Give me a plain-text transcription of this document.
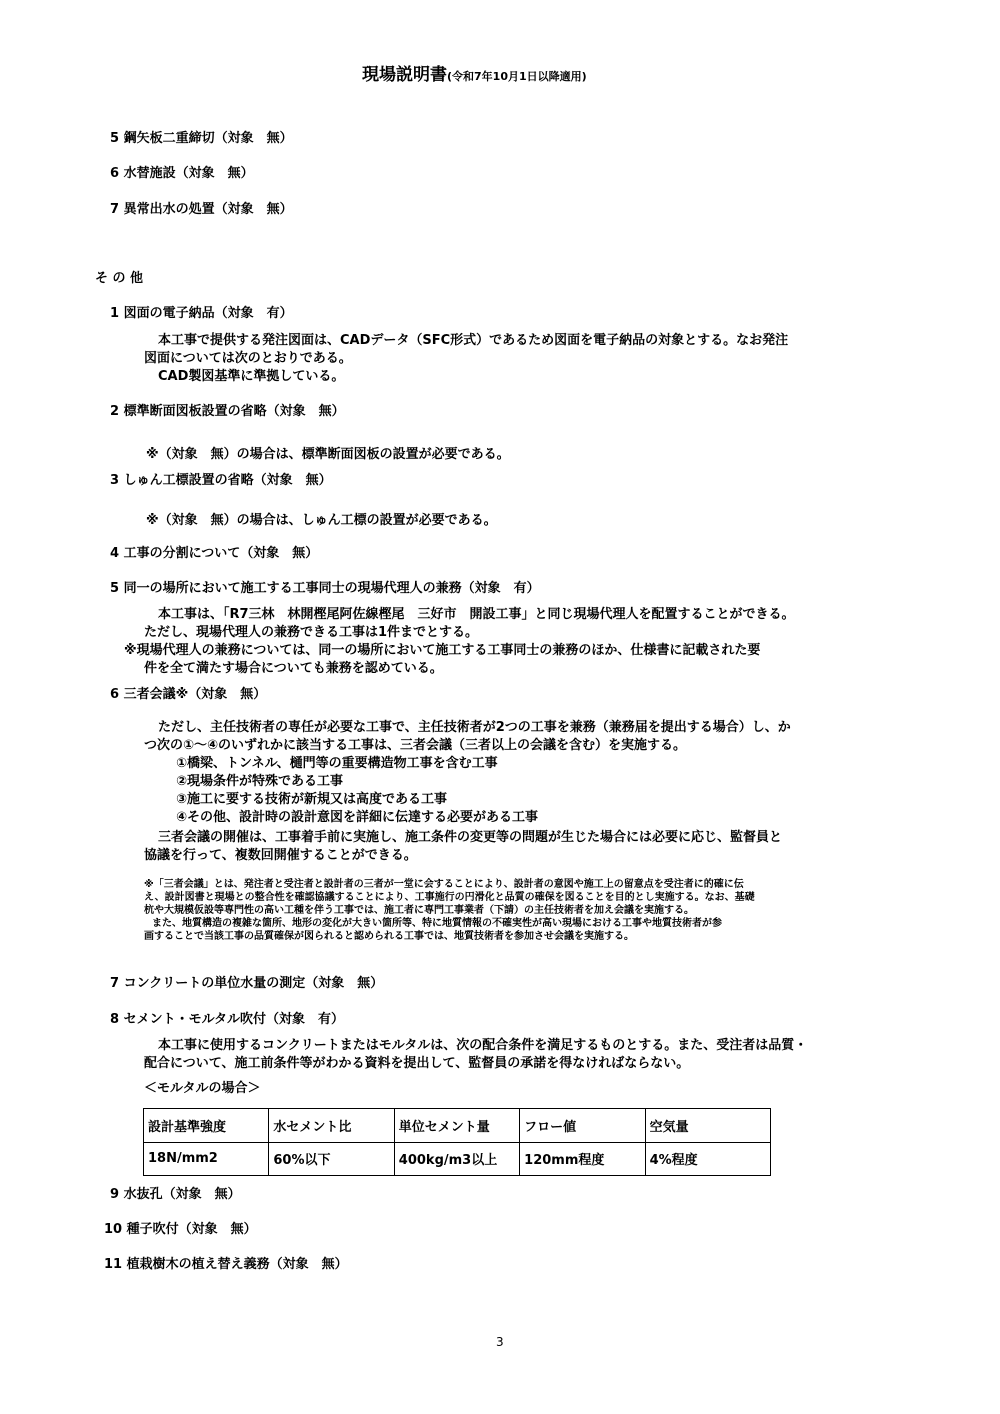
現場説明書(令和7年10月1日以降適用)
5 鋼矢板二重締切（対象　無）
6 水替施設（対象　無）
7 異常出水の処置（対象　無）
そ の 他
1 図面の電子納品（対象　有）
本工事で提供する発注図面は、CADデータ（SFC形式）であるため図面を電子納品の対象とする。なお発注
図面については次のとおりである。
CAD製図基準に準拠している。
2 標準断面図板設置の省略（対象　無）
※（対象　無）の場合は、標準断面図板の設置が必要である。
3 しゅん工標設置の省略（対象　無）
※（対象　無）の場合は、しゅん工標の設置が必要である。
4 工事の分割について（対象　無）
5 同一の場所において施工する工事同士の現場代理人の兼務（対象　有）
本工事は、「R7三林　林開樫尾阿佐線樫尾　三好市　開設工事」と同じ現場代理人を配置することができる。
ただし、現場代理人の兼務できる工事は1件までとする。
※現場代理人の兼務については、同一の場所において施工する工事同士の兼務のほか、仕様書に記載された要
件を全て満たす場合についても兼務を認めている。
6 三者会議※（対象　無）
ただし、主任技術者の専任が必要な工事で、主任技術者が2つの工事を兼務（兼務届を提出する場合）し、か
つ次の①～④のいずれかに該当する工事は、三者会議（三者以上の会議を含む）を実施する。
①橋梁、トンネル、樋門等の重要構造物工事を含む工事
②現場条件が特殊である工事
③施工に要する技術が新規又は高度である工事
④その他、設計時の設計意図を詳細に伝達する必要がある工事
三者会議の開催は、工事着手前に実施し、施工条件の変更等の問題が生じた場合には必要に応じ、監督員と
協議を行って、複数回開催することができる。
※「三者会議」とは、発注者と受注者と設計者の三者が一堂に会することにより、設計者の意図や施工上の留意点を受注者に的確に伝
え、設計図書と現場との整合性を確認協議することにより、工事施行の円滑化と品質の確保を図ることを目的とし実施する。なお、基礎
杭や大規模仮設等専門性の高い工種を伴う工事では、施工者に専門工事業者（下請）の主任技術者を加え会議を実施する。
また、地質構造の複雑な箇所、地形の変化が大きい箇所等、特に地質情報の不確実性が高い現場における工事や地質技術者が参
画することで当該工事の品質確保が図られると認められる工事では、地質技術者を参加させ会議を実施する。
7 コンクリートの単位水量の測定（対象　無）
8 セメント・モルタル吹付（対象　有）
本工事に使用するコンクリートまたはモルタルは、次の配合条件を満足するものとする。また、受注者は品質・
配合について、施工前条件等がわかる資料を提出して、監督員の承諾を得なければならない。
＜モルタルの場合＞
設計基準強度	水セメント比	単位セメント量	フロー値	空気量
18N/mm2	60%以下	400kg/m3以上	120mm程度	4%程度
9 水抜孔（対象　無）
10 種子吹付（対象　無）
11 植栽樹木の植え替え義務（対象　無）
3
